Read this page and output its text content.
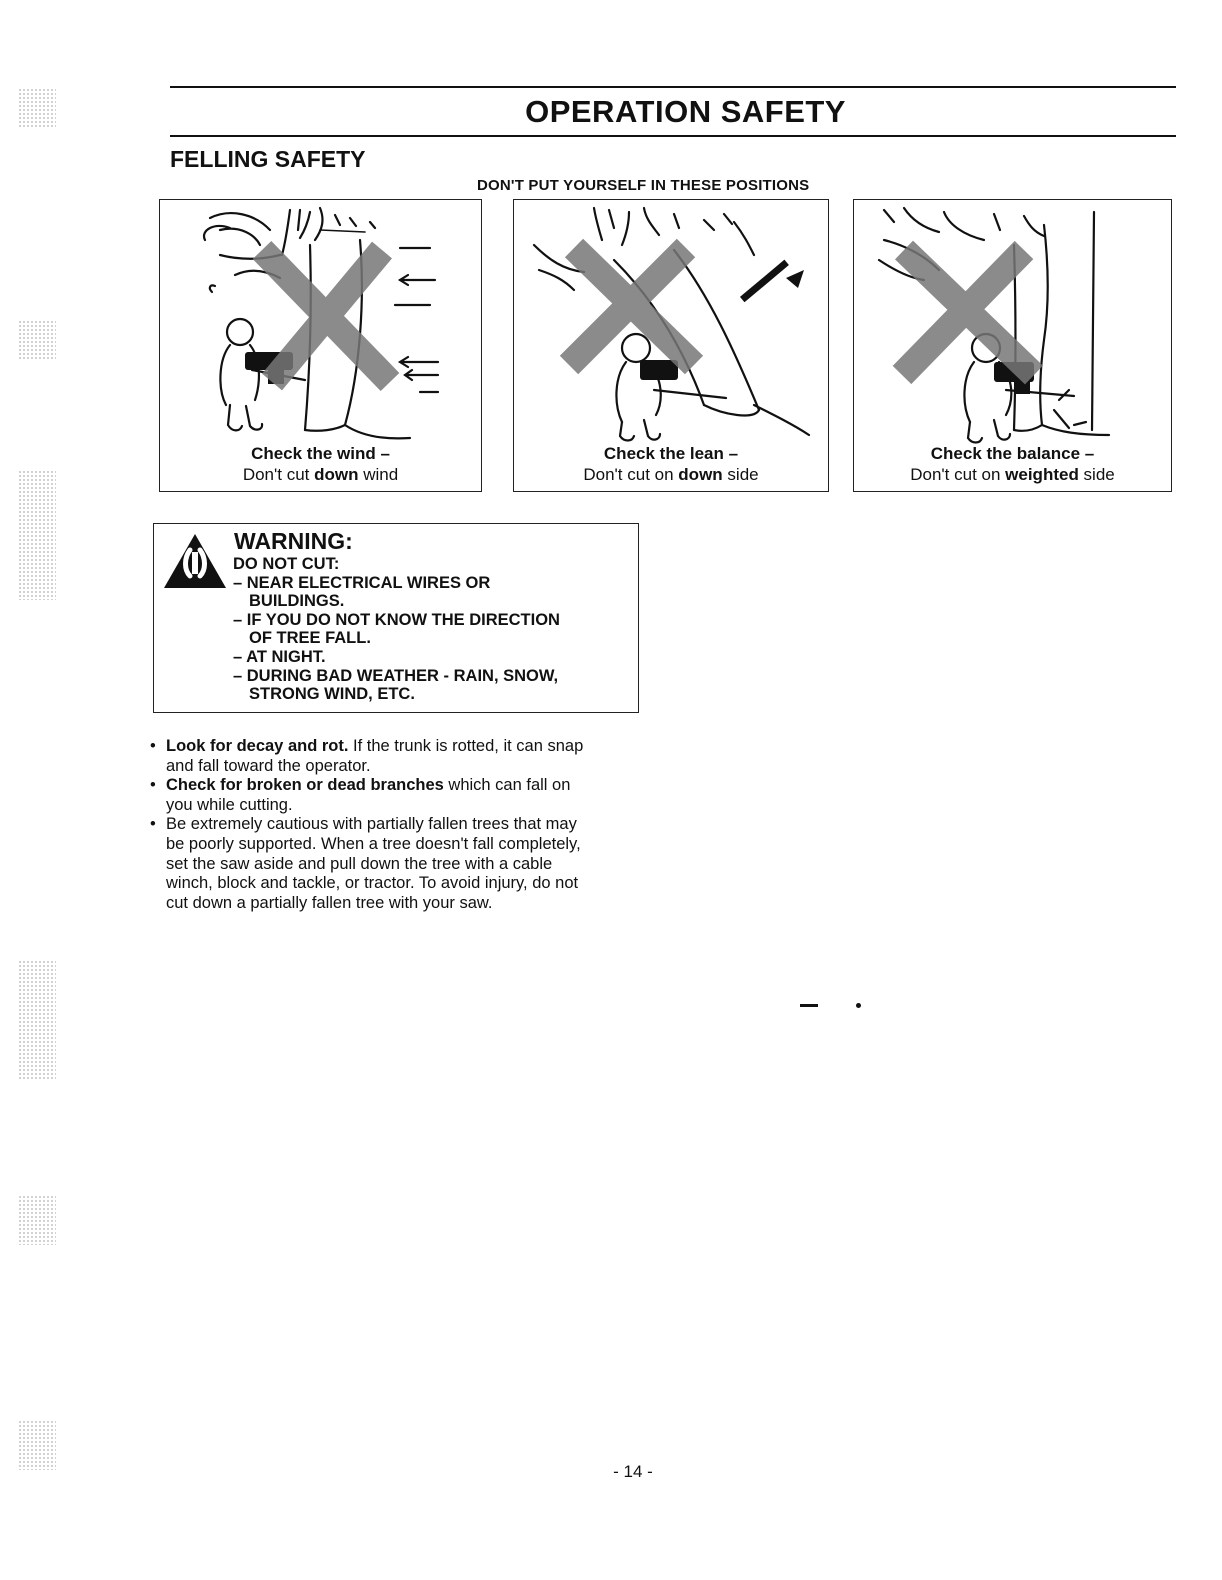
OPERATION SAFETY
FELLING SAFETY
DON'T PUT YOURSELF IN THESE POSITIONS
Check the wind –
Don't cut down wind
Check the lean –
Don't cut on down side
Check the balance –
Don't cut on weighted side
WARNING:
DO NOT CUT:
– NEAR ELECTRICAL WIRES OR
BUILDINGS.
– IF YOU DO NOT KNOW THE DIRECTION
OF TREE FALL.
– AT NIGHT.
– DURING BAD WEATHER - RAIN, SNOW,
STRONG WIND, ETC.
• Look for decay and rot. If the trunk is rotted, it can snap
and fall toward the operator.
• Check for broken or dead branches which can fall on
you while cutting.
• Be extremely cautious with partially fallen trees that may
be poorly supported. When a tree doesn't fall completely,
set the saw aside and pull down the tree with a cable
winch, block and tackle, or tractor. To avoid injury, do not
cut down a partially fallen tree with your saw.
- 14 -
